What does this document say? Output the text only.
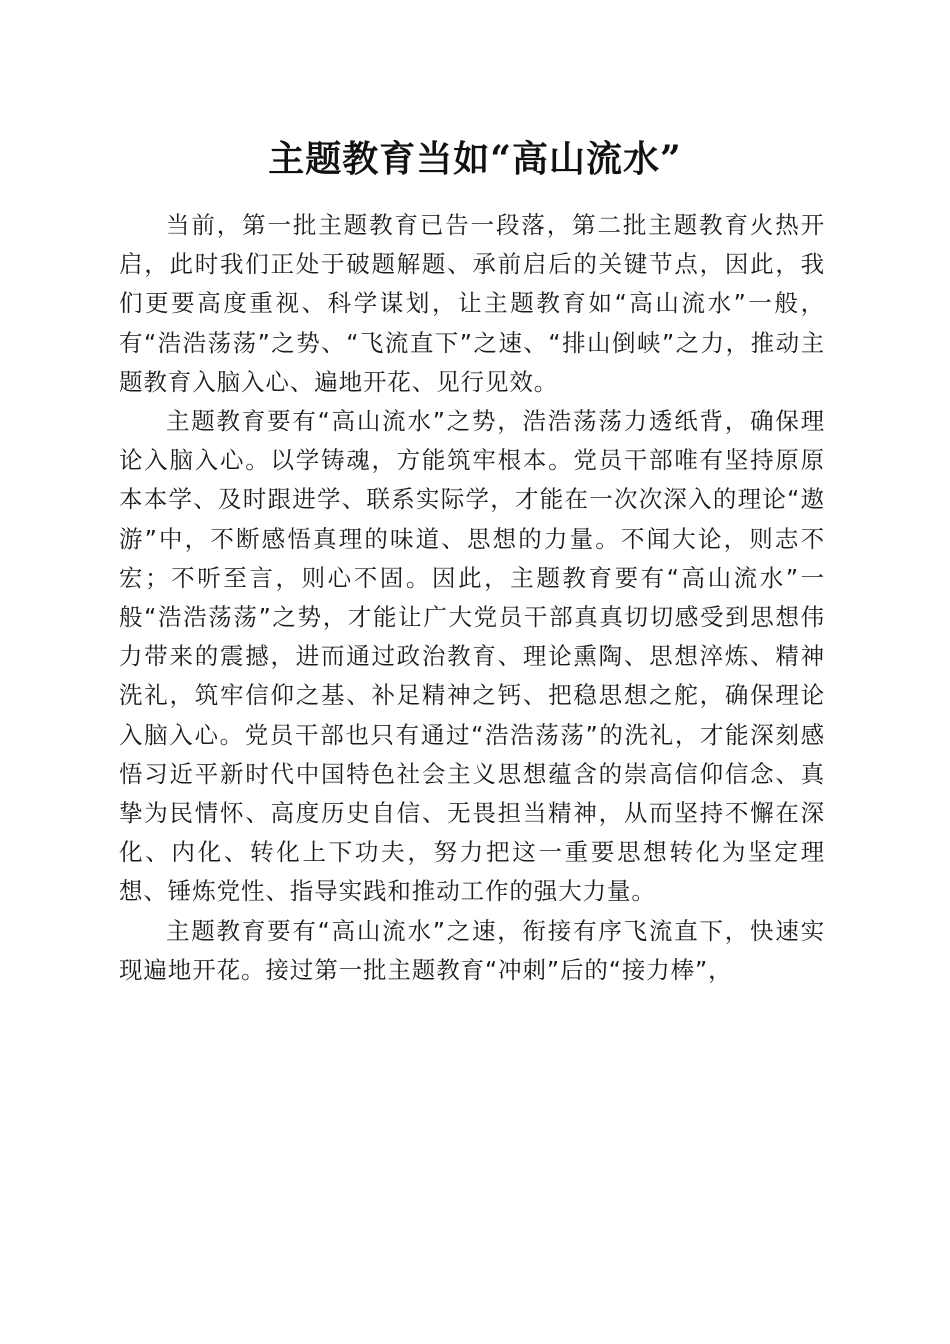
主题教育当如“高山流水”

当前，第一批主题教育已告一段落，第二批主题教育火热开启，此时我们正处于破题解题、承前启后的关键节点，因此，我们更要高度重视、科学谋划，让主题教育如“高山流水”一般，有“浩浩荡荡”之势、“飞流直下”之速、“排山倒峡”之力，推动主题教育入脑入心、遍地开花、见行见效。

主题教育要有“高山流水”之势，浩浩荡荡力透纸背，确保理论入脑入心。以学铸魂，方能筑牢根本。党员干部唯有坚持原原本本学、及时跟进学、联系实际学，才能在一次次深入的理论“遨游”中，不断感悟真理的味道、思想的力量。不闻大论，则志不宏；不听至言，则心不固。因此，主题教育要有“高山流水”一般“浩浩荡荡”之势，才能让广大党员干部真真切切感受到思想伟力带来的震撼，进而通过政治教育、理论熏陶、思想淬炼、精神洗礼，筑牢信仰之基、补足精神之钙、把稳思想之舵，确保理论入脑入心。党员干部也只有通过“浩浩荡荡”的洗礼，才能深刻感悟习近平新时代中国特色社会主义思想蕴含的崇高信仰信念、真挚为民情怀、高度历史自信、无畏担当精神，从而坚持不懈在深化、内化、转化上下功夫，努力把这一重要思想转化为坚定理想、锤炼党性、指导实践和推动工作的强大力量。

主题教育要有“高山流水”之速，衔接有序飞流直下，快速实现遍地开花。接过第一批主题教育“冲刺”后的“接力棒”，
